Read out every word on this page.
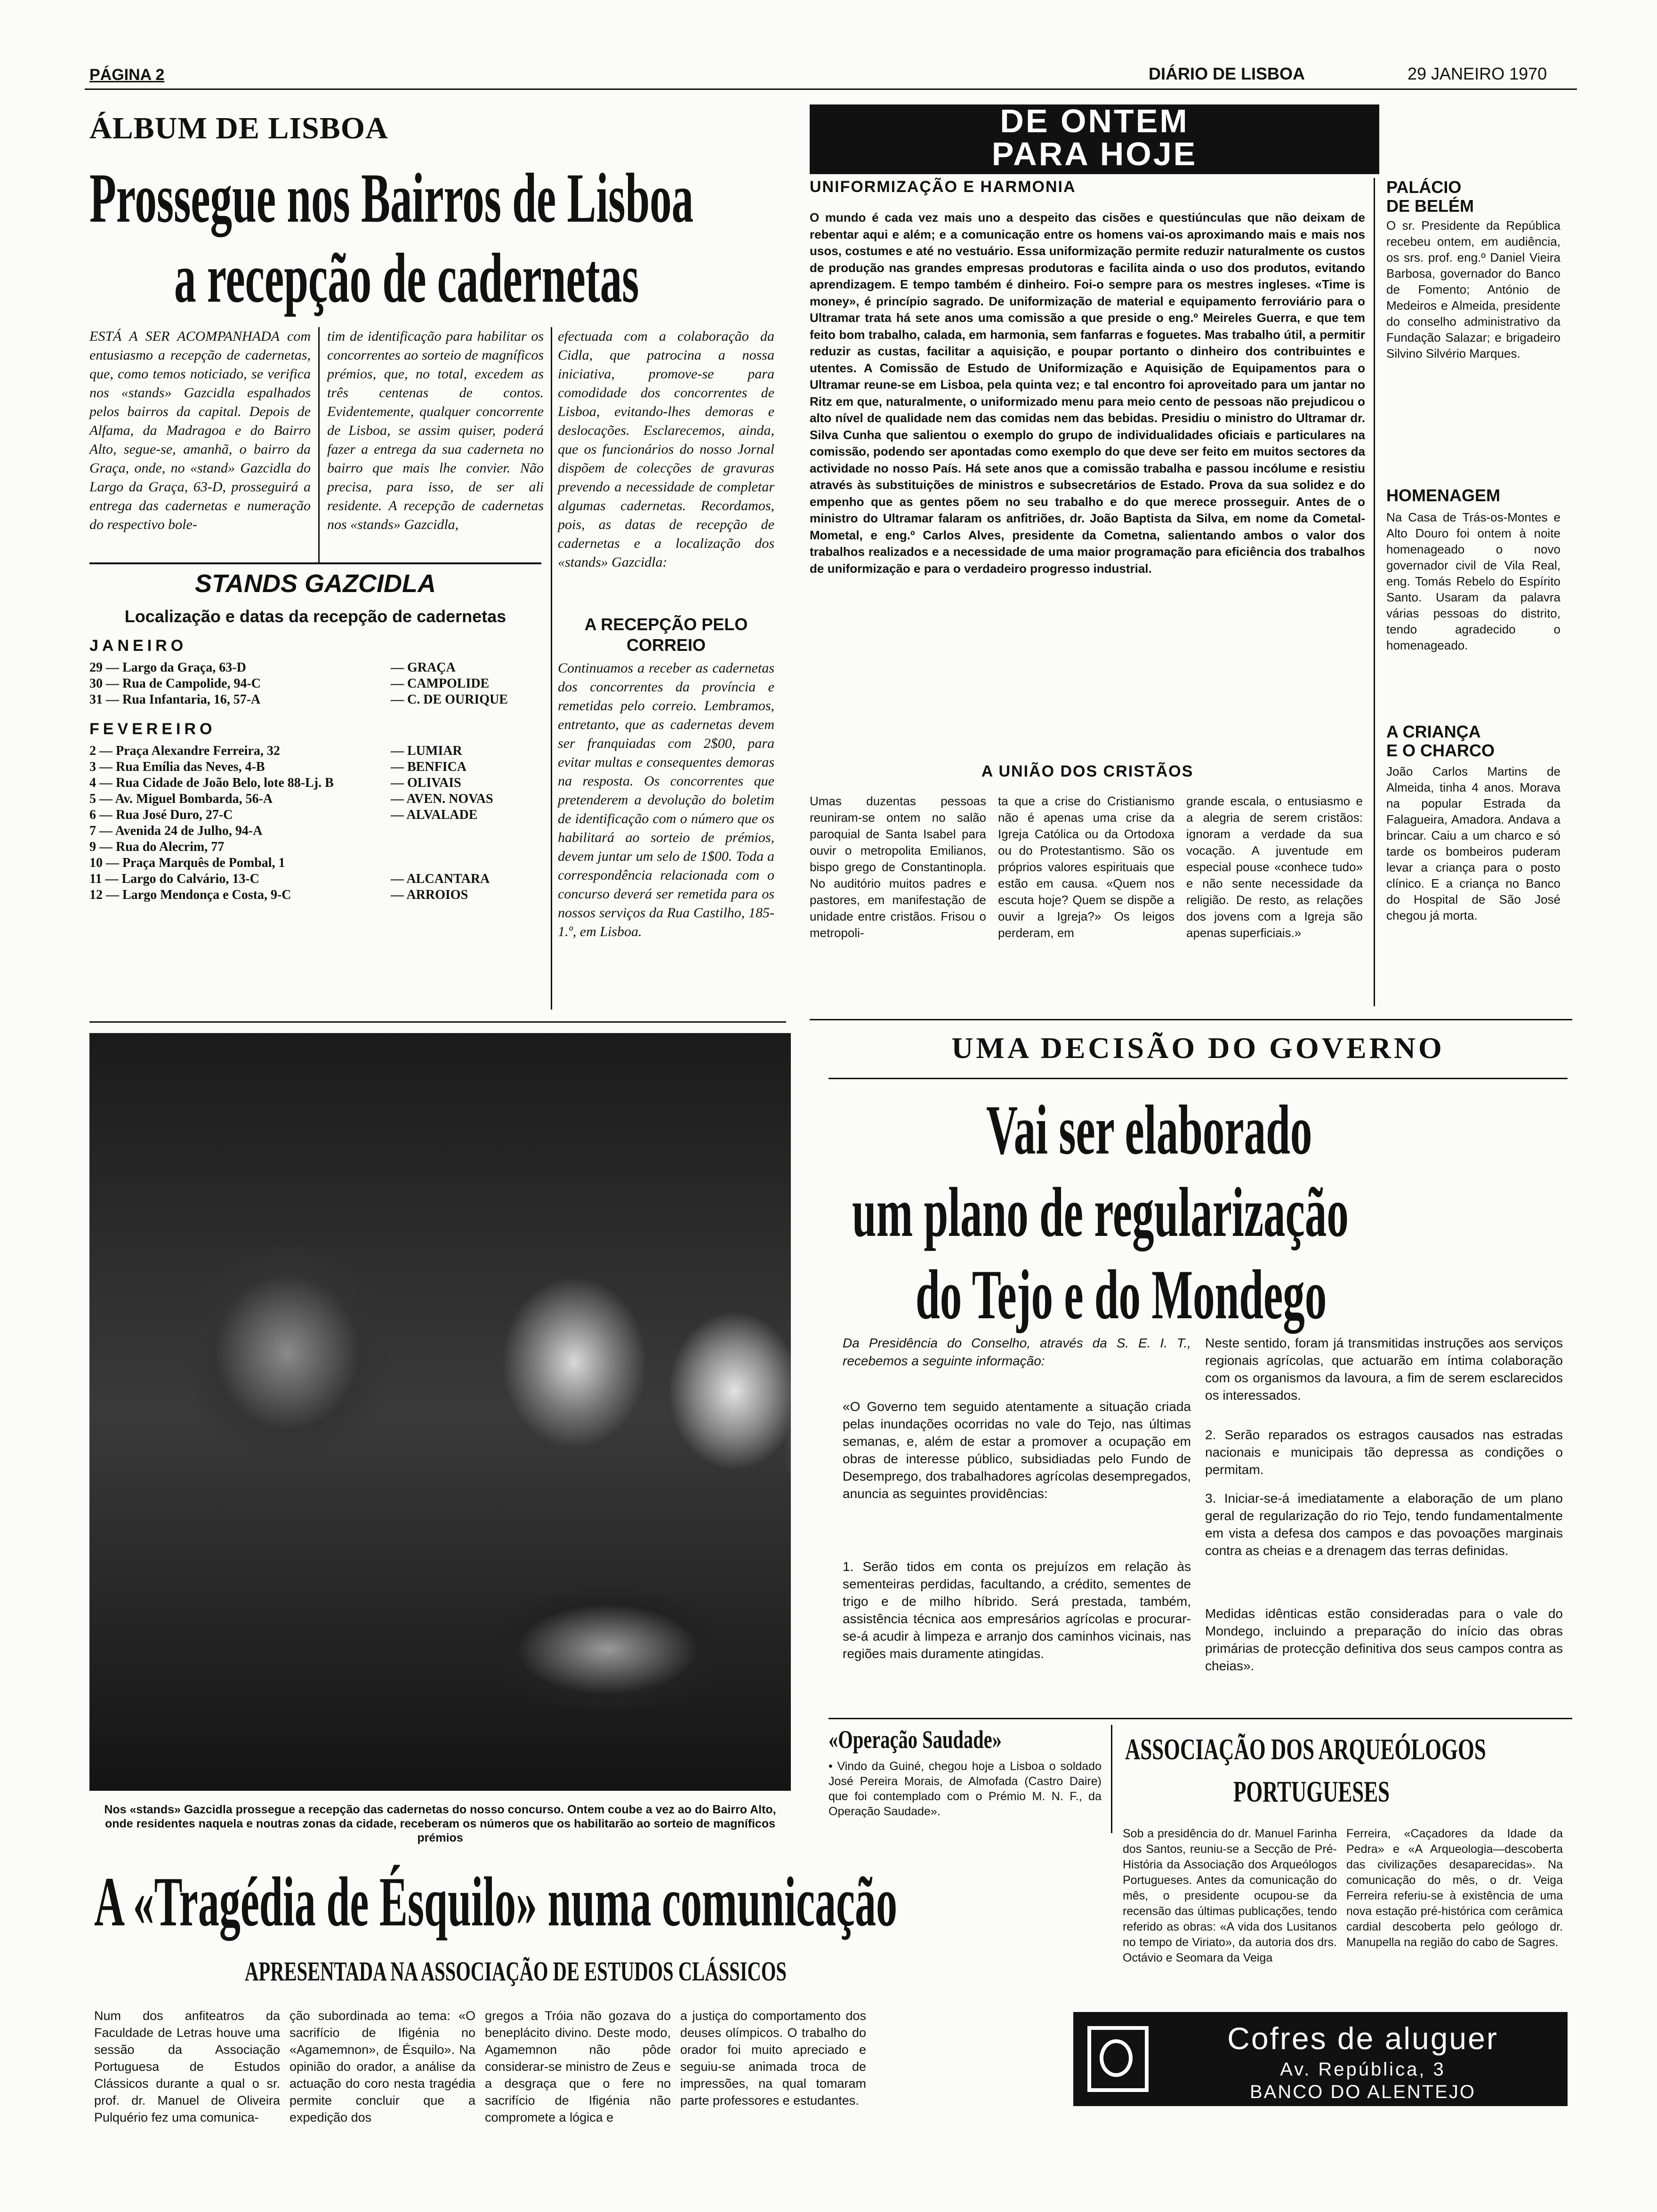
PÁGINA 2	DIÁRIO DE LISBOA	29 JANEIRO 1970
ÁLBUM DE LISBOA
Prossegue nos Bairros de Lisboa
a recepção de cadernetas
ESTÁ A SER ACOMPANHADA com entusiasmo a recepção de cadernetas, que, como temos noticiado, se verifica nos «stands» Gazcidla espalhados pelos bairros da capital. Depois de Alfama, da Madragoa e do Bairro Alto, segue-se, amanhã, o bairro da Graça, onde, no «stand» Gazcidla do Largo da Graça, 63-D, prosseguirá a entrega das cadernetas e numeração do respectivo bole-
tim de identificação para habilitar os concorrentes ao sorteio de magníficos prémios, que, no total, excedem as três centenas de contos. Evidentemente, qualquer concorrente de Lisboa, se assim quiser, poderá fazer a entrega da sua caderneta no bairro que mais lhe convier. Não precisa, para isso, de ser ali residente. A recepção de cadernetas nos «stands» Gazcidla,
efectuada com a colaboração da Cidla, que patrocina a nossa iniciativa, promove-se para comodidade dos concorrentes de Lisboa, evitando-lhes demoras e deslocações. Esclarecemos, ainda, que os funcionários do nosso Jornal dispõem de colecções de gravuras prevendo a necessidade de completar algumas cadernetas. Recordamos, pois, as datas de recepção de cadernetas e a localização dos «stands» Gazcidla:
A RECEPÇÃO PELO CORREIO
Continuamos a receber as cadernetas dos concorrentes da província e remetidas pelo correio. Lembramos, entretanto, que as cadernetas devem ser franquiadas com 2$00, para evitar multas e consequentes demoras na resposta. Os concorrentes que pretenderem a devolução do boletim de identificação com o número que os habilitará ao sorteio de prémios, devem juntar um selo de 1$00. Toda a correspondência relacionada com o concurso deverá ser remetida para os nossos serviços da Rua Castilho, 185-1.º, em Lisboa.
STANDS GAZCIDLA
Localização e datas da recepção de cadernetas
JANEIRO
29 — Largo da Graça, 63-D	— GRAÇA
30 — Rua de Campolide, 94-C	— CAMPOLIDE
31 — Rua Infantaria, 16, 57-A	— C. DE OURIQUE
FEVEREIRO
2 — Praça Alexandre Ferreira, 32	— LUMIAR
3 — Rua Emília das Neves, 4-B	— BENFICA
4 — Rua Cidade de João Belo, lote 88-Lj. B	— OLIVAIS
5 — Av. Miguel Bombarda, 56-A	— AVEN. NOVAS
6 — Rua José Duro, 27-C	— ALVALADE
7 — Avenida 24 de Julho, 94-A
9 — Rua do Alecrim, 77
10 — Praça Marquês de Pombal, 1
11 — Largo do Calvário, 13-C	— ALCANTARA
12 — Largo Mendonça e Costa, 9-C	— ARROIOS
DE ONTEM
PARA HOJE
UNIFORMIZAÇÃO E HARMONIA
O mundo é cada vez mais uno a despeito das cisões e questiúnculas que não deixam de rebentar aqui e além; e a comunicação entre os homens vai-os aproximando mais e mais nos usos, costumes e até no vestuário. Essa uniformização permite reduzir naturalmente os custos de produção nas grandes empresas produtoras e facilita ainda o uso dos produtos, evitando aprendizagem. E tempo também é dinheiro. Foi-o sempre para os mestres ingleses. «Time is money», é princípio sagrado. De uniformização de material e equipamento ferroviário para o Ultramar trata há sete anos uma comissão a que preside o eng.º Meireles Guerra, e que tem feito bom trabalho, calada, em harmonia, sem fanfarras e foguetes. Mas trabalho útil, a permitir reduzir as custas, facilitar a aquisição, e poupar portanto o dinheiro dos contribuintes e utentes. A Comissão de Estudo de Uniformização e Aquisição de Equipamentos para o Ultramar reune-se em Lisboa, pela quinta vez; e tal encontro foi aproveitado para um jantar no Ritz em que, naturalmente, o uniformizado menu para meio cento de pessoas não prejudicou o alto nível de qualidade nem das comidas nem das bebidas. Presidiu o ministro do Ultramar dr. Silva Cunha que salientou o exemplo do grupo de individualidades oficiais e particulares na comissão, podendo ser apontadas como exemplo do que deve ser feito em muitos sectores da actividade no nosso País. Há sete anos que a comissão trabalha e passou incólume e resistiu através às substituições de ministros e subsecretários de Estado. Prova da sua solidez e do empenho que as gentes põem no seu trabalho e do que merece prosseguir. Antes de o ministro do Ultramar falaram os anfitriões, dr. João Baptista da Silva, em nome da Cometal-Mometal, e eng.º Carlos Alves, presidente da Cometna, salientando ambos o valor dos trabalhos realizados e a necessidade de uma maior programação para eficiência dos trabalhos de uniformização e para o verdadeiro progresso industrial.
A UNIÃO DOS CRISTÃOS
Umas duzentas pessoas reuniram-se ontem no salão paroquial de Santa Isabel para ouvir o metropolita Emilianos, bispo grego de Constantinopla. No auditório muitos padres e pastores, em manifestação de unidade entre cristãos. Frisou o metropoli-
ta que a crise do Cristianismo não é apenas uma crise da Igreja Católica ou da Ortodoxa ou do Protestantismo. São os próprios valores espirituais que estão em causa. «Quem nos escuta hoje? Quem se dispõe a ouvir a Igreja?» Os leigos perderam, em
grande escala, o entusiasmo e a alegria de serem cristãos: ignoram a verdade da sua vocação. A juventude em especial pouse «conhece tudo» e não sente necessidade da religião. De resto, as relações dos jovens com a Igreja são apenas superficiais.»
PALÁCIO DE BELÉM
O sr. Presidente da República recebeu ontem, em audiência, os srs. prof. eng.º Daniel Vieira Barbosa, governador do Banco de Fomento; António de Medeiros e Almeida, presidente do conselho administrativo da Fundação Salazar; e brigadeiro Silvino Silvério Marques.
HOMENAGEM
Na Casa de Trás-os-Montes e Alto Douro foi ontem à noite homenageado o novo governador civil de Vila Real, eng. Tomás Rebelo do Espírito Santo. Usaram da palavra várias pessoas do distrito, tendo agradecido o homenageado.
A CRIANÇA E O CHARCO
João Carlos Martins de Almeida, tinha 4 anos. Morava na popular Estrada da Falagueira, Amadora. Andava a brincar. Caiu a um charco e só tarde os bombeiros puderam levar a criança para o posto clínico. E a criança no Banco do Hospital de São José chegou já morta.
Nos «stands» Gazcidla prossegue a recepção das cadernetas do nosso concurso. Ontem coube a vez ao do Bairro Alto, onde residentes naquela e noutras zonas da cidade, receberam os números que os habilitarão ao sorteio de magníficos prémios
UMA DECISÃO DO GOVERNO
Vai ser elaborado
um plano de regularização
do Tejo e do Mondego
Da Presidência do Conselho, através da S. E. I. T., recebemos a seguinte informação:
«O Governo tem seguido atentamente a situação criada pelas inundações ocorridas no vale do Tejo, nas últimas semanas, e, além de estar a promover a ocupação em obras de interesse público, subsidiadas pelo Fundo de Desemprego, dos trabalhadores agrícolas desempregados, anuncia as seguintes providências:
1. Serão tidos em conta os prejuízos em relação às sementeiras perdidas, facultando, a crédito, sementes de trigo e de milho híbrido. Será prestada, também, assistência técnica aos empresários agrícolas e procurar-se-á acudir à limpeza e arranjo dos caminhos vicinais, nas regiões mais duramente atingidas.
Neste sentido, foram já transmitidas instruções aos serviços regionais agrícolas, que actuarão em íntima colaboração com os organismos da lavoura, a fim de serem esclarecidos os interessados.
2. Serão reparados os estragos causados nas estradas nacionais e municipais tão depressa as condições o permitam.
3. Iniciar-se-á imediatamente a elaboração de um plano geral de regularização do rio Tejo, tendo fundamentalmente em vista a defesa dos campos e das povoações marginais contra as cheias e a drenagem das terras definidas.
Medidas idênticas estão consideradas para o vale do Mondego, incluindo a preparação do início das obras primárias de protecção definitiva dos seus campos contra as cheias».
«Operação Saudade»
• Vindo da Guiné, chegou hoje a Lisboa o soldado José Pereira Morais, de Almofada (Castro Daire) que foi contemplado com o Prémio M. N. F., da Operação Saudade».
ASSOCIAÇÃO DOS ARQUEÓLOGOS
PORTUGUESES
Sob a presidência do dr. Manuel Farinha dos Santos, reuniu-se a Secção de Pré-História da Associação dos Arqueólogos Portugueses. Antes da comunicação do mês, o presidente ocupou-se da recensão das últimas publicações, tendo referido as obras: «A vida dos Lusitanos no tempo de Viriato», da autoria dos drs. Octávio e Seomara da Veiga
Ferreira, «Caçadores da Idade da Pedra» e «A Arqueologia—descoberta das civilizações desaparecidas». Na comunicação do mês, o dr. Veiga Ferreira referiu-se à existência de uma nova estação pré-histórica com cerâmica cardial descoberta pelo geólogo dr. Manupella na região do cabo de Sagres.
A «Tragédia de Ésquilo» numa comunicação
APRESENTADA NA ASSOCIAÇÃO DE ESTUDOS CLÁSSICOS
Num dos anfiteatros da Faculdade de Letras houve uma sessão da Associação Portuguesa de Estudos Clássicos durante a qual o sr. prof. dr. Manuel de Oliveira Pulquério fez uma comunica-
ção subordinada ao tema: «O sacrifício de Ifigénia no «Agamemnon», de Ésquilo». Na opinião do orador, a análise da actuação do coro nesta tragédia permite concluir que a expedição dos
gregos a Tróia não gozava do beneplácito divino. Deste modo, Agamemnon não pôde considerar-se ministro de Zeus e a desgraça que o fere no sacrifício de Ifigénia não compromete a lógica e
a justiça do comportamento dos deuses olímpicos. O trabalho do orador foi muito apreciado e seguiu-se animada troca de impressões, na qual tomaram parte professores e estudantes.
Cofres de aluguer
Av. República, 3
BANCO DO ALENTEJO
